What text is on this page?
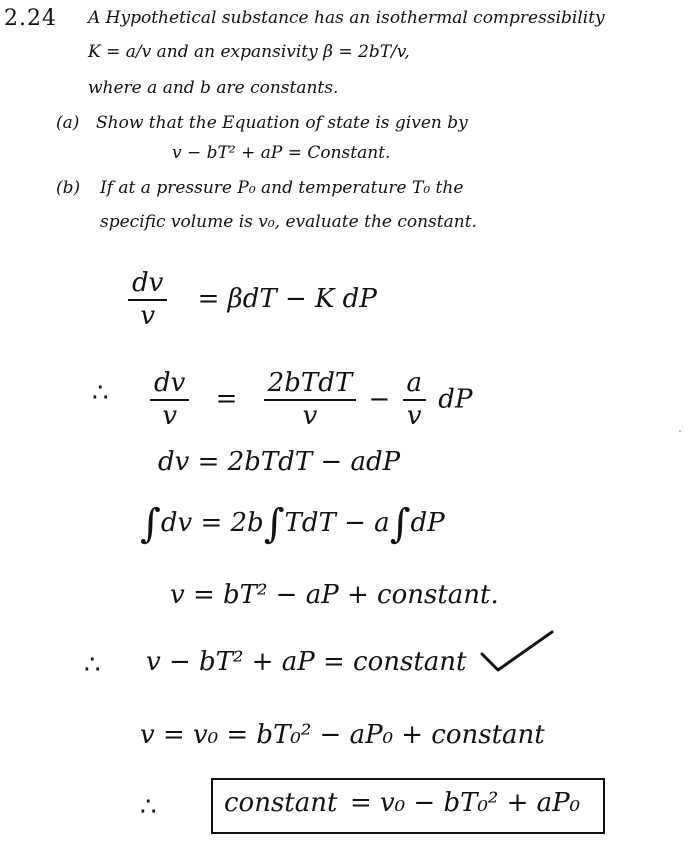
2.24 A Hypothetical substance has an isothermal compressibility
K = a/v and an expansivity β = 2bT/v,
where a and b are constants.
(a) Show that the Equation of state is given by
v − bT² + aP = Constant.
(b) If at a pressure P₀ and temperature T₀ the
specific volume is v₀, evaluate the constant.
$\frac{dv}{v} = \beta dT - K$ dP
∴ $\frac{dv}{v} = \frac{\text{2bTdT}}{v} - \frac{a}{v}$ dP
dv = 2bTdT − adP
∫dv = 2b∫TdT − a∫dP
v = bT² − aP + constant.
∴ v − bT² + aP = constant
v = v₀ = bT₀² − aP₀ + constant
∴	constant = v₀ − bT₀² + aP₀
